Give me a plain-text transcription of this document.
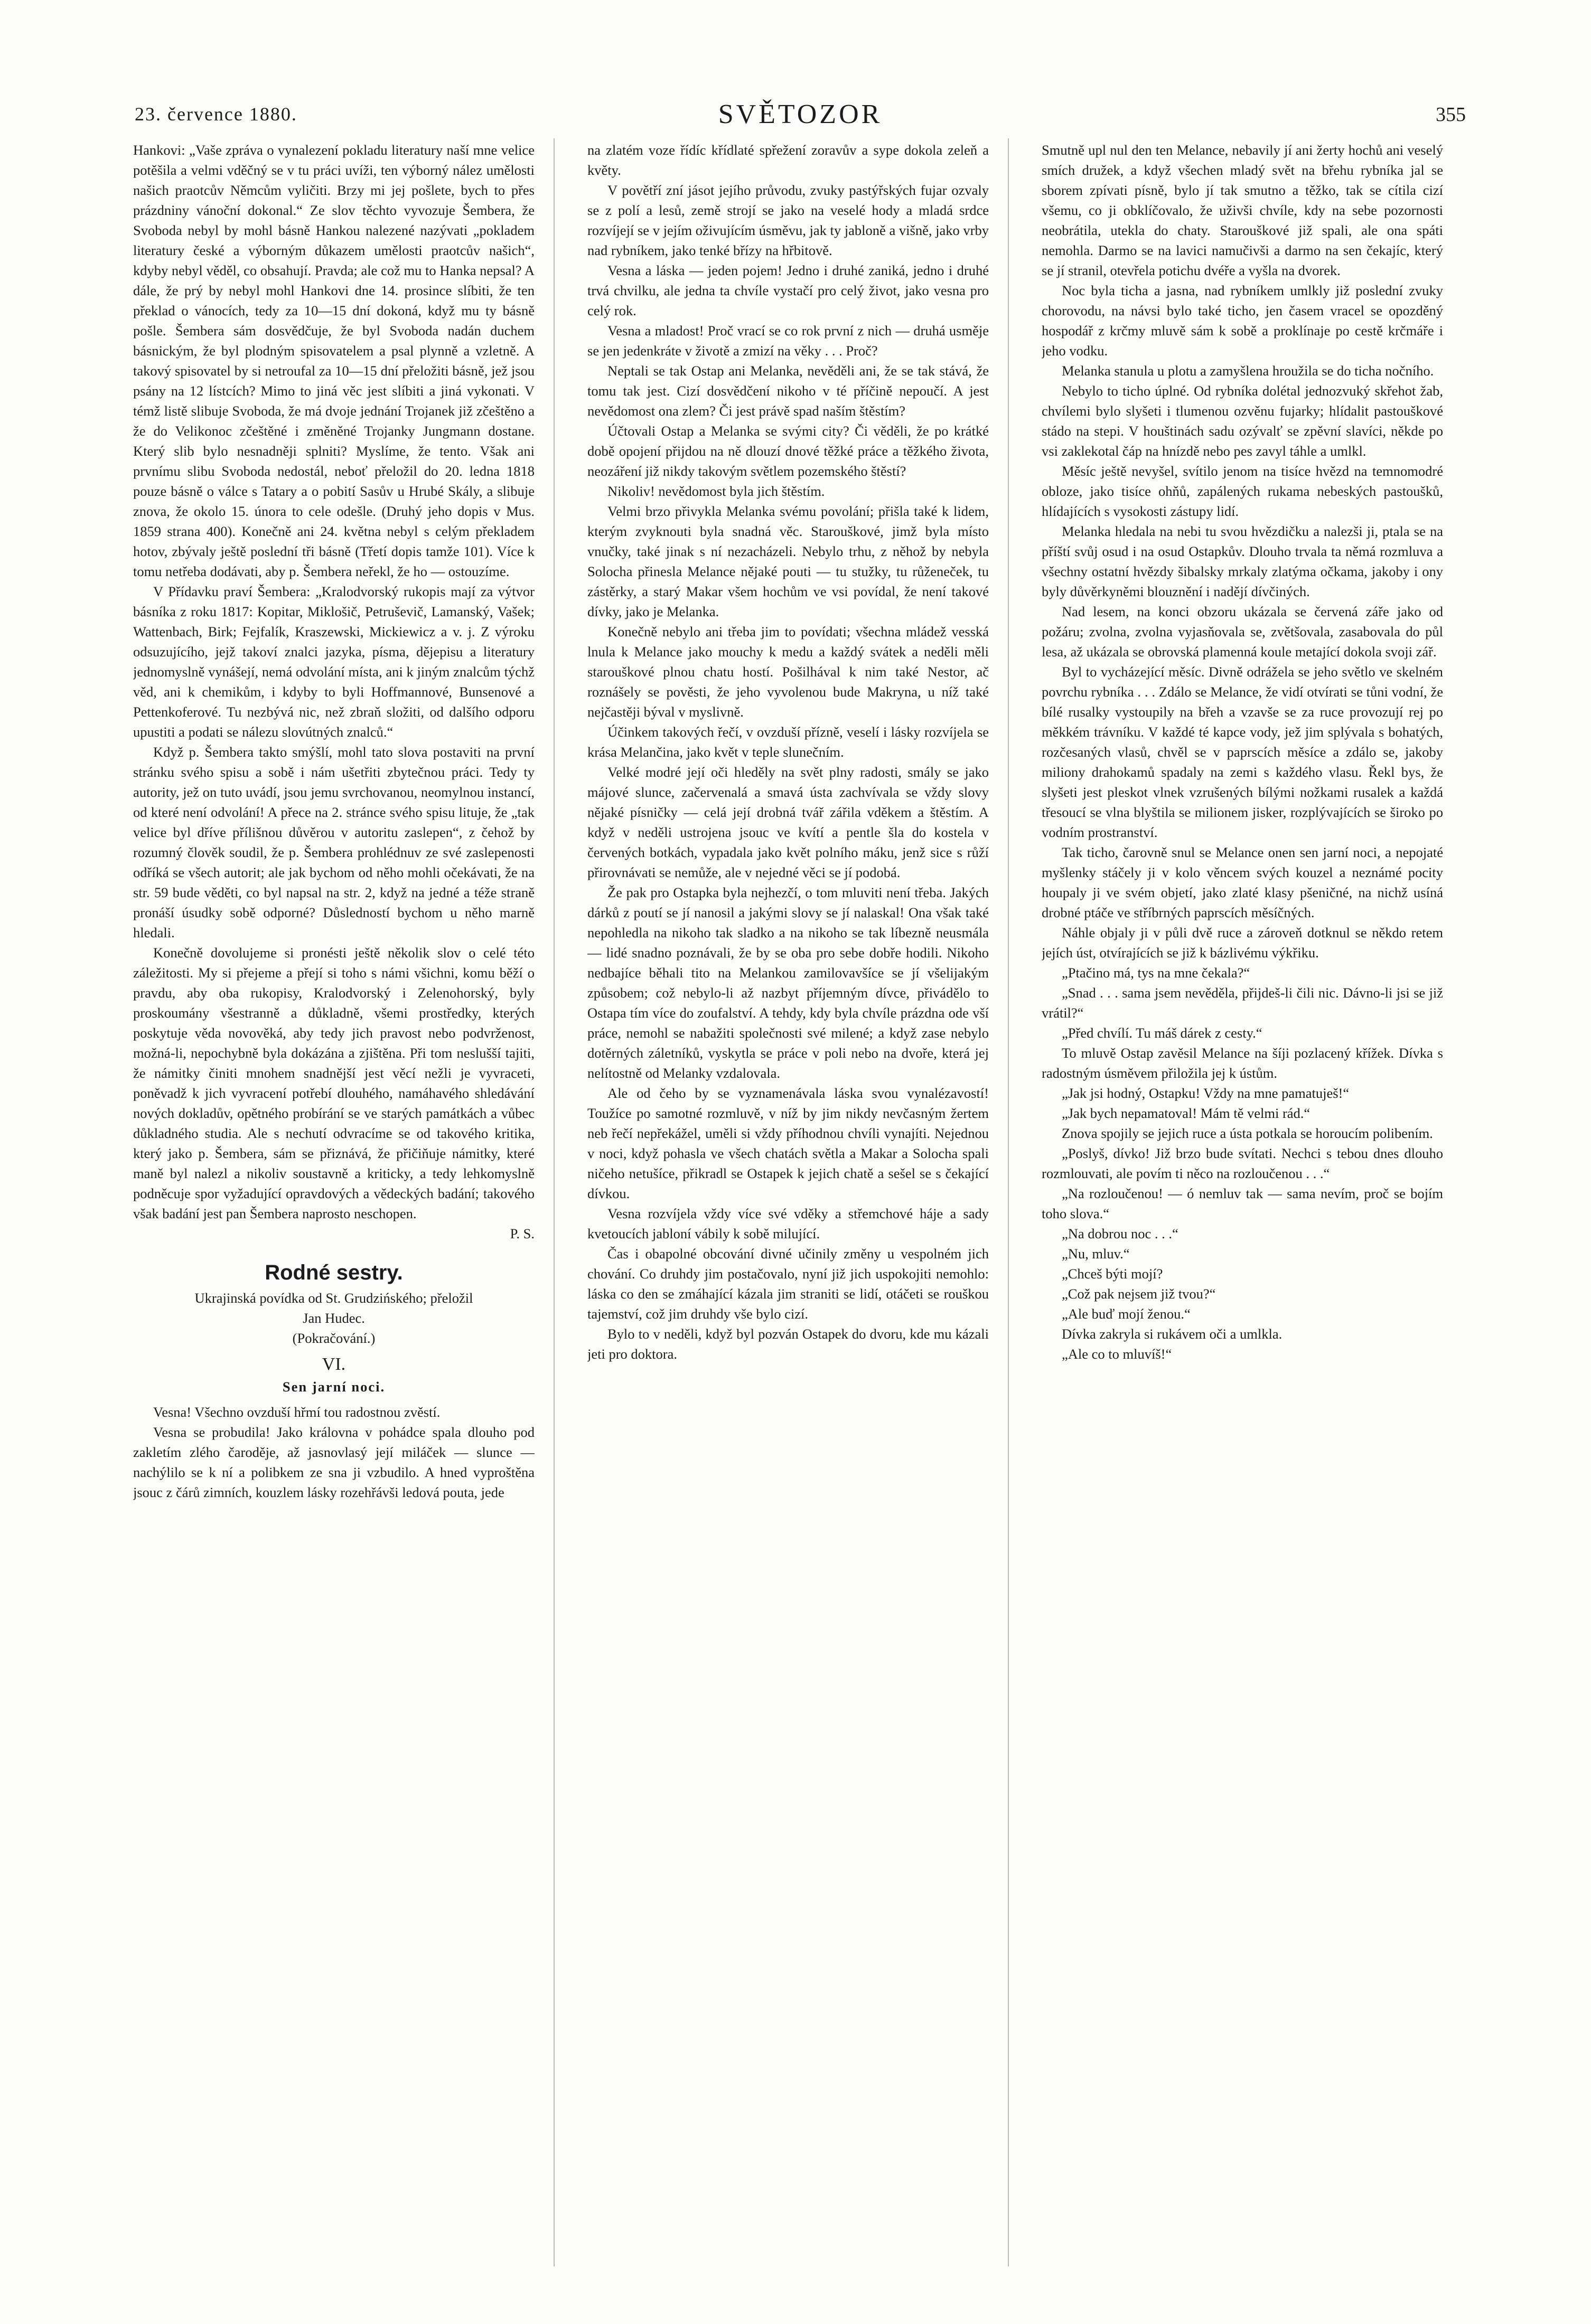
23. července 1880.	SVĚTOZOR	355

Hankovi: „Vaše zpráva o vynalezení pokladu literatury naší mne velice potěšila a velmi vděčný se v tu práci uvíži, ten výborný nález umělosti našich praotcův Němcům vyličiti. Brzy mi jej pošlete, bych to přes prázdniny vánoční dokonal.“ Ze slov těchto vyvozuje Šembera, že Svoboda nebyl by mohl básně Hankou nalezené nazývati „pokladem literatury české a výborným důkazem umělosti praotcův našich“, kdyby nebyl věděl, co obsahují. Pravda; ale což mu to Hanka nepsal? A dále, že prý by nebyl mohl Hankovi dne 14. prosince slíbiti, že ten překlad o vánocích, tedy za 10—15 dní dokoná, když mu ty básně pošle. Šembera sám dosvědčuje, že byl Svoboda nadán duchem básnickým, že byl plodným spisovatelem a psal plynně a vzletně. A takový spisovatel by si netroufal za 10—15 dní přeložiti básně, jež jsou psány na 12 lístcích? Mimo to jiná věc jest slíbiti a jiná vykonati. V témž listě slibuje Svoboda, že má dvoje jednání Trojanek již zčeštěno a že do Velikonoc zčeštěné i změněné Trojanky Jungmann dostane. Který slib bylo nesnadněji splniti? Myslíme, že tento. Však ani prvnímu slibu Svoboda nedostál, neboť přeložil do 20. ledna 1818 pouze básně o válce s Tatary a o pobití Sasův u Hrubé Skály, a slibuje znova, že okolo 15. února to cele odešle. (Druhý jeho dopis v Mus. 1859 strana 400). Konečně ani 24. května nebyl s celým překladem hotov, zbývaly ještě poslední tři básně (Třetí dopis tamže 101). Více k tomu netřeba dodávati, aby p. Šembera neřekl, že ho — ostouzíme.

V Přídavku praví Šembera: „Kralodvorský rukopis mají za výtvor básníka z roku 1817: Kopitar, Miklošič, Petruševič, Lamanský, Vašek; Wattenbach, Birk; Fejfalík, Kraszewski, Mickiewicz a v. j. Z výroku odsuzujícího, jejž takoví znalci jazyka, písma, dějepisu a literatury jednomyslně vynášejí, nemá odvolání místa, ani k jiným znalcům týchž věd, ani k chemikům, i kdyby to byli Hoffmannové, Bunsenové a Pettenkoferové. Tu nezbývá nic, než zbraň složiti, od dalšího odporu upustiti a podati se nálezu slovútných znalců.“

Když p. Šembera takto smýšlí, mohl tato slova postaviti na první stránku svého spisu a sobě i nám ušetřiti zbytečnou práci. Tedy ty autority, jež on tuto uvádí, jsou jemu svrchovanou, neomylnou instancí, od které není odvolání! A přece na 2. stránce svého spisu lituje, že „tak velice byl dříve přílišnou důvěrou v autoritu zaslepen“, z čehož by rozumný člověk soudil, že p. Šembera prohlédnuv ze své zaslepenosti odříká se všech autorit; ale jak bychom od něho mohli očekávati, že na str. 59 bude věděti, co byl napsal na str. 2, když na jedné a téže straně pronáší úsudky sobě odporné? Důsledností bychom u něho marně hledali.

Konečně dovolujeme si pronésti ještě několik slov o celé této záležitosti. My si přejeme a přejí si toho s námi všichni, komu běží o pravdu, aby oba rukopisy, Kralodvorský i Zelenohorský, byly proskoumány všestranně a důkladně, všemi prostředky, kterých poskytuje věda novověká, aby tedy jich pravost nebo podvrženost, možná-li, nepochybně byla dokázána a zjištěna. Při tom neslušší tajiti, že námitky činiti mnohem snadnější jest věcí nežli je vyvraceti, poněvadž k jich vyvracení potřebí dlouhého, namáhavého shledávání nových dokladův, opětného probírání se ve starých památkách a vůbec důkladného studia. Ale s nechutí odvracíme se od takového kritika, který jako p. Šembera, sám se přiznává, že přičiňuje námitky, které maně byl nalezl a nikoliv soustavně a kriticky, a tedy lehkomyslně podněcuje spor vyžadující opravdových a vědeckých badání; takového však badání jest pan Šembera naprosto neschopen.

P. S.

Rodné sestry.
Ukrajinská povídka od St. Grudzińského; přeložil
Jan Hudec.
(Pokračování.)
VI.
Sen jarní noci.

Vesna! Všechno ovzduší hřmí tou radostnou zvěstí.

Vesna se probudila! Jako královna v pohádce spala dlouho pod zakletím zlého čaroděje, až jasnovlasý její miláček — slunce — nachýlilo se k ní a polibkem ze sna ji vzbudilo. A hned vyproštěna jsouc z čárů zimních, kouzlem lásky rozehřávši ledová pouta, jede

na zlatém voze řídíc křídlaté spřežení zoravův a sype dokola zeleň a květy.

V povětří zní jásot jejího průvodu, zvuky pastýřských fujar ozvaly se z polí a lesů, země strojí se jako na veselé hody a mladá srdce rozvíjejí se v jejím oživujícím úsměvu, jak ty jabloně a višně, jako vrby nad rybníkem, jako tenké břízy na hřbitově.

Vesna a láska — jeden pojem! Jedno i druhé zaniká, jedno i druhé trvá chvilku, ale jedna ta chvíle vystačí pro celý život, jako vesna pro celý rok.

Vesna a mladost! Proč vrací se co rok první z nich — druhá usměje se jen jedenkráte v životě a zmizí na věky . . . Proč?

Neptali se tak Ostap ani Melanka, nevěděli ani, že se tak stává, že tomu tak jest. Cizí dosvědčení nikoho v té příčině nepoučí. A jest nevědomost ona zlem? Či jest právě spad naším štěstím?

Účtovali Ostap a Melanka se svými city? Či věděli, že po krátké době opojení přijdou na ně dlouzí dnové těžké práce a těžkého života, neozáření již nikdy takovým světlem pozemského štěstí?

Nikoliv! nevědomost byla jich štěstím.

Velmi brzo přivykla Melanka svému povolání; přišla také k lidem, kterým zvyknouti byla snadná věc. Starouškové, jimž byla místo vnučky, také jinak s ní nezacházeli. Nebylo trhu, z něhož by nebyla Solocha přinesla Melance nějaké pouti — tu stužky, tu růženeček, tu zástěrky, a starý Makar všem hochům ve vsi povídal, že není takové dívky, jako je Melanka.

Konečně nebylo ani třeba jim to povídati; všechna mládež vesská lnula k Melance jako mouchy k medu a každý svátek a neděli měli starouškové plnou chatu hostí. Pošilhával k nim také Nestor, ač roznášely se pověsti, že jeho vyvolenou bude Makryna, u níž také nejčastěji býval v myslivně.

Účinkem takových řečí, v ovzduší přízně, veselí i lásky rozvíjela se krása Melančina, jako květ v teple slunečním.

Velké modré její oči hleděly na svět plny radosti, smály se jako májové slunce, začervenalá a smavá ústa zachvívala se vždy slovy nějaké písničky — celá její drobná tvář zářila vděkem a štěstím. A když v neděli ustrojena jsouc ve kvítí a pentle šla do kostela v červených botkách, vypadala jako květ polního máku, jenž sice s růží přirovnávati se nemůže, ale v nejedné věci se jí podobá.

Že pak pro Ostapka byla nejhezčí, o tom mluviti není třeba. Jakých dárků z poutí se jí nanosil a jakými slovy se jí nalaskal! Ona však také nepohledla na nikoho tak sladko a na nikoho se tak líbezně neusmála — lidé snadno poznávali, že by se oba pro sebe dobře hodili. Nikoho nedbajíce běhali tito na Melankou zamilovavšíce se jí všelijakým způsobem; což nebylo-li až nazbyt příjemným dívce, přivádělo to Ostapa tím více do zoufalství. A tehdy, kdy byla chvíle prázdna ode vší práce, nemohl se nabažiti společnosti své milené; a když zase nebylo dotěrných záletníků, vyskytla se práce v poli nebo na dvoře, která jej nelítostně od Melanky vzdalovala.

Ale od čeho by se vyznamenávala láska svou vynalézavostí! Toužíce po samotné rozmluvě, v níž by jim nikdy nevčasným žertem neb řečí nepřekážel, uměli si vždy příhodnou chvíli vynajíti. Nejednou v noci, když pohasla ve všech chatách světla a Makar a Solocha spali ničeho netušíce, přikradl se Ostapek k jejich chatě a sešel se s čekající dívkou.

Vesna rozvíjela vždy více své vděky a střemchové háje a sady kvetoucích jabloní vábily k sobě milující.

Čas i obapolné obcování divné učinily změny u vespolném jich chování. Co druhdy jim postačovalo, nyní již jich uspokojiti nemohlo: láska co den se zmáhající kázala jim straniti se lidí, otáčeti se rouškou tajemství, což jim druhdy vše bylo cizí.

Bylo to v neděli, když byl pozván Ostapek do dvoru, kde mu kázali jeti pro doktora.

Smutně upl nul den ten Melance, nebavily jí ani žerty hochů ani veselý smích družek, a když všechen mladý svět na břehu rybníka jal se sborem zpívati písně, bylo jí tak smutno a těžko, tak se cítila cizí všemu, co ji obklíčovalo, že uživši chvíle, kdy na sebe pozornosti neobrátila, utekla do chaty. Starouškové již spali, ale ona spáti nemohla. Darmo se na lavici namučivši a darmo na sen čekajíc, který se jí stranil, otevřela potichu dvéře a vyšla na dvorek.

Noc byla ticha a jasna, nad rybníkem umlkly již poslední zvuky chorovodu, na návsi bylo také ticho, jen časem vracel se opozděný hospodář z krčmy mluvě sám k sobě a proklínaje po cestě krčmáře i jeho vodku.

Melanka stanula u plotu a zamyšlena hroužila se do ticha nočního.

Nebylo to ticho úplné. Od rybníka dolétal jednozvuký skřehot žab, chvílemi bylo slyšeti i tlumenou ozvěnu fujarky; hlídalit pastouškové stádo na stepi. V houštinách sadu ozývalť se zpěvní slavíci, někde po vsi zaklekotal čáp na hnízdě nebo pes zavyl táhle a umlkl.

Měsíc ještě nevyšel, svítilo jenom na tisíce hvězd na temnomodré obloze, jako tisíce ohňů, zapálených rukama nebeských pastoušků, hlídajících s vysokosti zástupy lidí.

Melanka hledala na nebi tu svou hvězdičku a nalezši ji, ptala se na příští svůj osud i na osud Ostapkův. Dlouho trvala ta němá rozmluva a všechny ostatní hvězdy šibalsky mrkaly zlatýma očkama, jakoby i ony byly důvěrkyněmi blouznění i nadějí dívčiných.

Nad lesem, na konci obzoru ukázala se červená záře jako od požáru; zvolna, zvolna vyjasňovala se, zvětšovala, zasabovala do půl lesa, až ukázala se obrovská plamenná koule metající dokola svoji zář.

Byl to vycházející měsíc. Divně odrážela se jeho světlo ve skelném povrchu rybníka . . . Zdálo se Melance, že vidí otvírati se tůni vodní, že bílé rusalky vystoupily na břeh a vzavše se za ruce provozují rej po měkkém trávníku. V každé té kapce vody, jež jim splývala s bohatých, rozčesaných vlasů, chvěl se v paprscích měsíce a zdálo se, jakoby miliony drahokamů spadaly na zemi s každého vlasu. Řekl bys, že slyšeti jest pleskot vlnek vzrušených bílými nožkami rusalek a každá třesoucí se vlna blyštila se milionem jisker, rozplývajících se široko po vodním prostranství.

Tak ticho, čarovně snul se Melance onen sen jarní noci, a nepojaté myšlenky stáčely ji v kolo věncem svých kouzel a neznámé pocity houpaly ji ve svém objetí, jako zlaté klasy pšeničné, na nichž usíná drobné ptáče ve stříbrných paprscích měsíčných.

Náhle objaly ji v půli dvě ruce a zároveň dotknul se někdo retem jejích úst, otvírajících se již k bázlivému výkřiku.

„Ptačino má, tys na mne čekala?“

„Snad . . . sama jsem nevěděla, přijdeš-li čili nic. Dávno-li jsi se již vrátil?“

„Před chvílí. Tu máš dárek z cesty.“

To mluvě Ostap zavěsil Melance na šíji pozlacený křížek. Dívka s radostným úsměvem přiložila jej k ústům.

„Jak jsi hodný, Ostapku! Vždy na mne pamatuješ!“

„Jak bych nepamatoval! Mám tě velmi rád.“

Znova spojily se jejich ruce a ústa potkala se horoucím polibením.

„Poslyš, dívko! Již brzo bude svítati. Nechci s tebou dnes dlouho rozmlouvati, ale povím ti něco na rozloučenou . . .“

„Na rozloučenou! — ó nemluv tak — sama nevím, proč se bojím toho slova.“

„Na dobrou noc . . .“

„Nu, mluv.“

„Chceš býti mojí?

„Což pak nejsem již tvou?“

„Ale buď mojí ženou.“

Dívka zakryla si rukávem oči a umlkla.

„Ale co to mluvíš!“
